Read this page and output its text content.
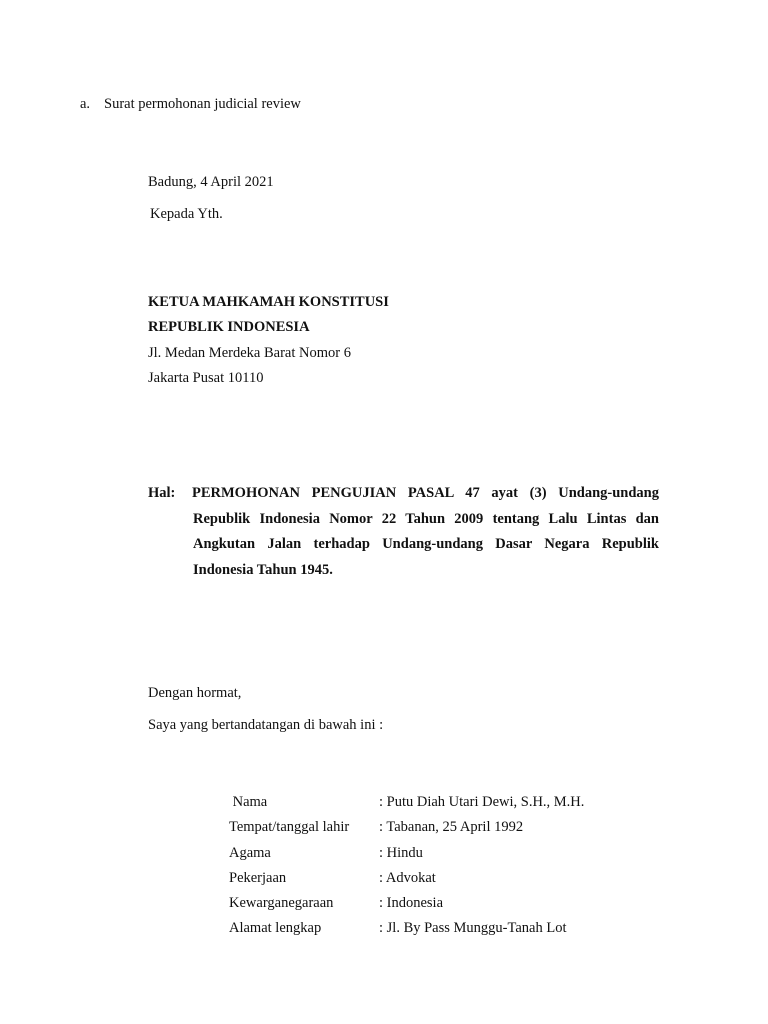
a. Surat permohonan judicial review
Badung, 4 April 2021
Kepada Yth.
KETUA MAHKAMAH KONSTITUSI
REPUBLIK INDONESIA
Jl. Medan Merdeka Barat Nomor 6
Jakarta Pusat 10110
Hal:	PERMOHONAN PENGUJIAN PASAL 47 ayat (3) Undang-undang
Republik Indonesia Nomor 22 Tahun 2009 tentang Lalu Lintas dan Angkutan Jalan terhadap Undang-undang Dasar Negara Republik Indonesia Tahun 1945.
Dengan hormat,
Saya yang bertandatangan di bawah ini :
Nama	: Putu Diah Utari Dewi, S.H., M.H.
Tempat/tanggal lahir	: Tabanan, 25 April 1992
Agama	: Hindu
Pekerjaan	: Advokat
Kewarganegaraan	: Indonesia
Alamat lengkap	: Jl. By Pass Munggu-Tanah Lot
